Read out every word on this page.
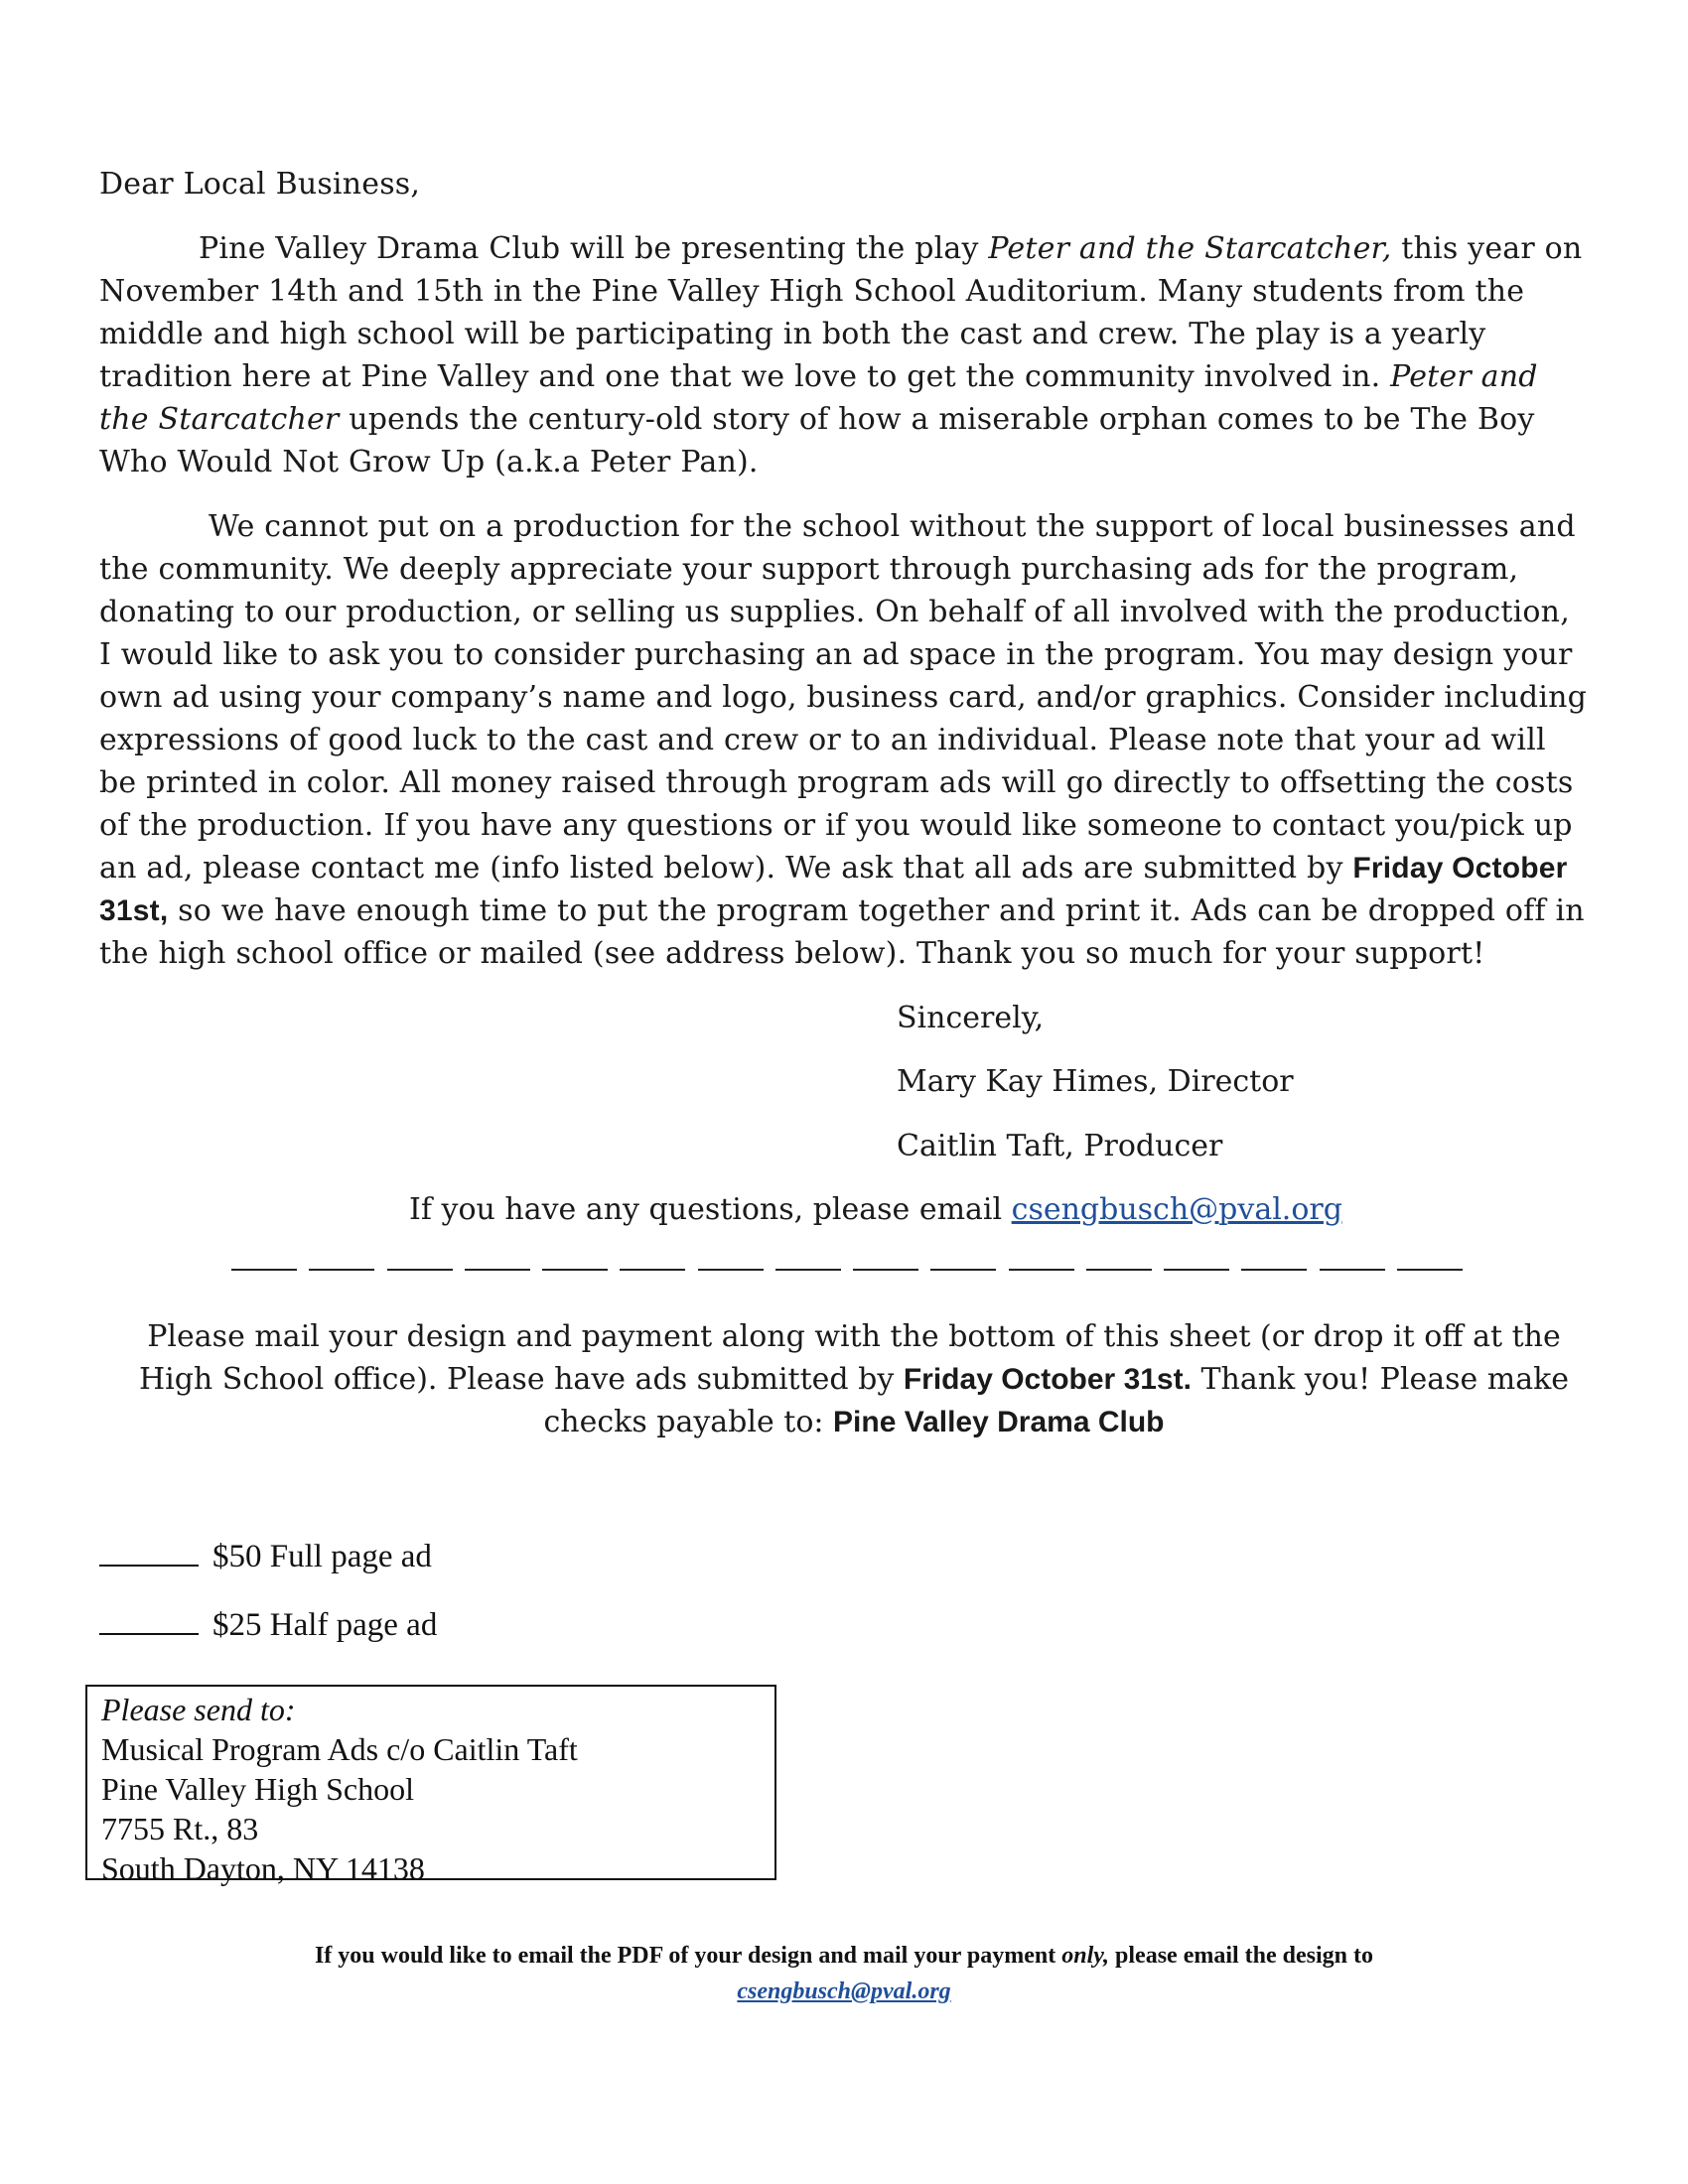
Dear Local Business,

Pine Valley Drama Club will be presenting the play Peter and the Starcatcher, this year on November 14th and 15th in the Pine Valley High School Auditorium. Many students from the middle and high school will be participating in both the cast and crew. The play is a yearly tradition here at Pine Valley and one that we love to get the community involved in. Peter and the Starcatcher upends the century-old story of how a miserable orphan comes to be The Boy Who Would Not Grow Up (a.k.a Peter Pan).

We cannot put on a production for the school without the support of local businesses and the community. We deeply appreciate your support through purchasing ads for the program, donating to our production, or selling us supplies. On behalf of all involved with the production, I would like to ask you to consider purchasing an ad space in the program. You may design your own ad using your company’s name and logo, business card, and/or graphics. Consider including expressions of good luck to the cast and crew or to an individual. Please note that your ad will be printed in color. All money raised through program ads will go directly to offsetting the costs of the production. If you have any questions or if you would like someone to contact you/pick up an ad, please contact me (info listed below). We ask that all ads are submitted by Friday October 31st, so we have enough time to put the program together and print it. Ads can be dropped off in the high school office or mailed (see address below). Thank you so much for your support!

Sincerely,
Mary Kay Himes, Director
Caitlin Taft, Producer
If you have any questions, please email csengbusch@pval.org
Please mail your design and payment along with the bottom of this sheet (or drop it off at the High School office). Please have ads submitted by Friday October 31st. Thank you! Please make checks payable to: Pine Valley Drama Club
$50 Full page ad
$25 Half page ad
Please send to:
Musical Program Ads c/o Caitlin Taft
Pine Valley High School
7755 Rt., 83
South Dayton, NY 14138
If you would like to email the PDF of your design and mail your payment only, please email the design to
csengbusch@pval.org
